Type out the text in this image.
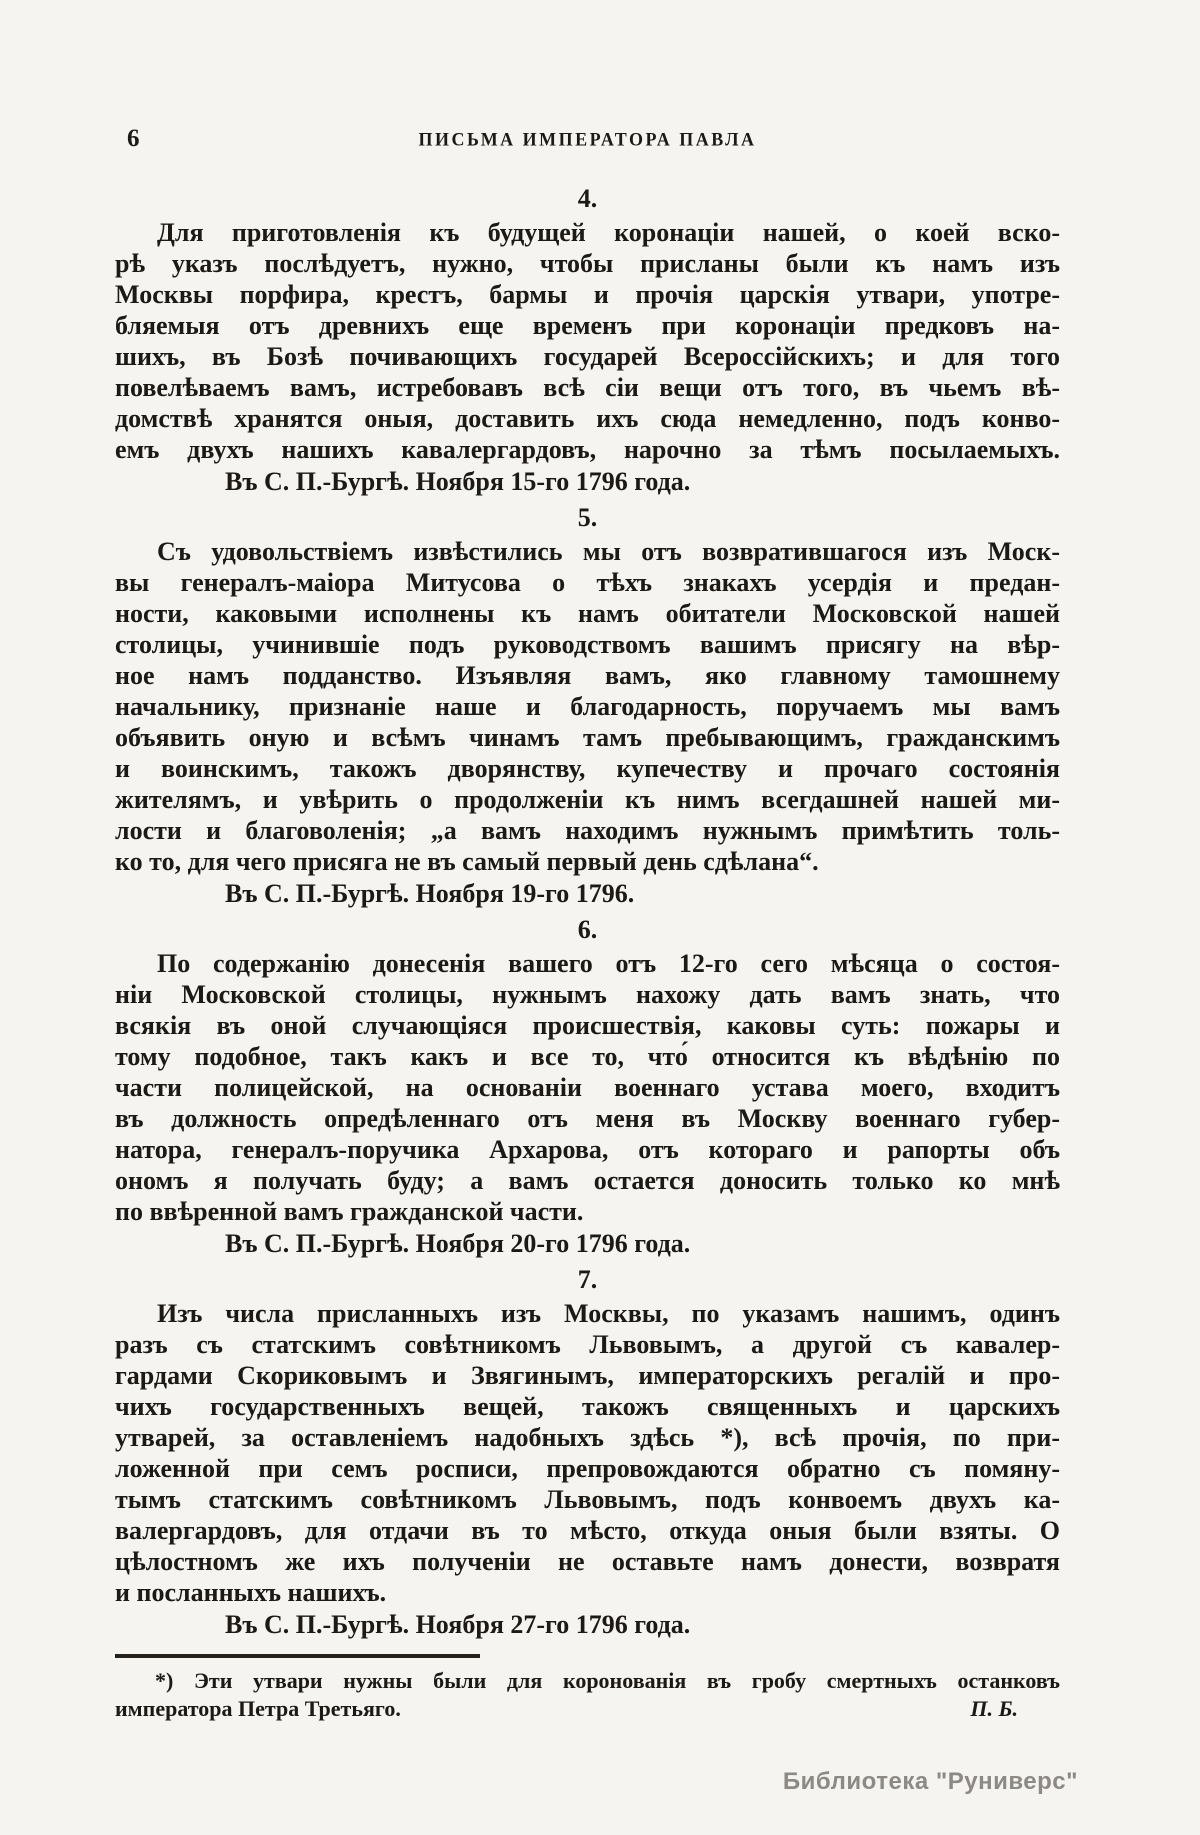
6	ПИСЬМА ИМПЕРАТОРА ПАВЛА
4.
Для приготовленія къ будущей коронаціи нашей, о коей вско-
рѣ указъ послѣдуетъ, нужно, чтобы присланы были къ намъ изъ
Москвы порфира, крестъ, бармы и прочія царскія утвари, употре-
бляемыя отъ древнихъ еще временъ при коронаціи предковъ на-
шихъ, въ Бозѣ почивающихъ государей Всероссійскихъ; и для того
повелѣваемъ вамъ, истребовавъ всѣ сіи вещи отъ того, въ чьемъ вѣ-
домствѣ хранятся оныя, доставить ихъ сюда немедленно, подъ конво-
емъ двухъ нашихъ кавалергардовъ, нарочно за тѣмъ посылаемыхъ.
Въ С. П.-Бургѣ. Ноября 15-го 1796 года.
5.
Съ удовольствіемъ извѣстились мы отъ возвратившагося изъ Моск-
вы генералъ-маіора Митусова о тѣхъ знакахъ усердія и предан-
ности, каковыми исполнены къ намъ обитатели Московской нашей
столицы, учинившіе подъ руководствомъ вашимъ присягу на вѣр-
ное намъ подданство. Изъявляя вамъ, яко главному тамошнему
начальнику, признаніе наше и благодарность, поручаемъ мы вамъ
объявить оную и всѣмъ чинамъ тамъ пребывающимъ, гражданскимъ
и воинскимъ, такожъ дворянству, купечеству и прочаго состоянія
жителямъ, и увѣрить о продолженіи къ нимъ всегдашней нашей ми-
лости и благоволенія; „а вамъ находимъ нужнымъ примѣтить толь-
ко то, для чего присяга не въ самый первый день сдѣлана“.
Въ С. П.-Бургѣ. Ноября 19-го 1796.
6.
По содержанію донесенія вашего отъ 12-го сего мѣсяца о состоя-
ніи Московской столицы, нужнымъ нахожу дать вамъ знать, что
всякія въ оной случающіяся происшествія, каковы суть: пожары и
тому подобное, такъ какъ и все то, что́ относится къ вѣдѣнію по
части полицейской, на основаніи военнаго устава моего, входитъ
въ должность опредѣленнаго отъ меня въ Москву военнаго губер-
натора, генералъ-поручика Архарова, отъ котораго и рапорты объ
ономъ я получать буду; а вамъ остается доносить только ко мнѣ
по ввѣренной вамъ гражданской части.
Въ С. П.-Бургѣ. Ноября 20-го 1796 года.
7.
Изъ числа присланныхъ изъ Москвы, по указамъ нашимъ, одинъ
разъ съ статскимъ совѣтникомъ Львовымъ, а другой съ кавалер-
гардами Скориковымъ и Звягинымъ, императорскихъ регалій и про-
чихъ государственныхъ вещей, такожъ священныхъ и царскихъ
утварей, за оставленіемъ надобныхъ здѣсь *), всѣ прочія, по при-
ложенной при семъ росписи, препровождаются обратно съ помяну-
тымъ статскимъ совѣтникомъ Львовымъ, подъ конвоемъ двухъ ка-
валергардовъ, для отдачи въ то мѣсто, откуда оныя были взяты. О
цѣлостномъ же ихъ полученіи не оставьте намъ донести, возвратя
и посланныхъ нашихъ.
Въ С. П.-Бургѣ. Ноября 27-го 1796 года.
*) Эти утвари нужны были для коронованія въ гробу смертныхъ останковъ
императора Петра Третьяго.	П. Б.
Библиотека "Руниверс"
